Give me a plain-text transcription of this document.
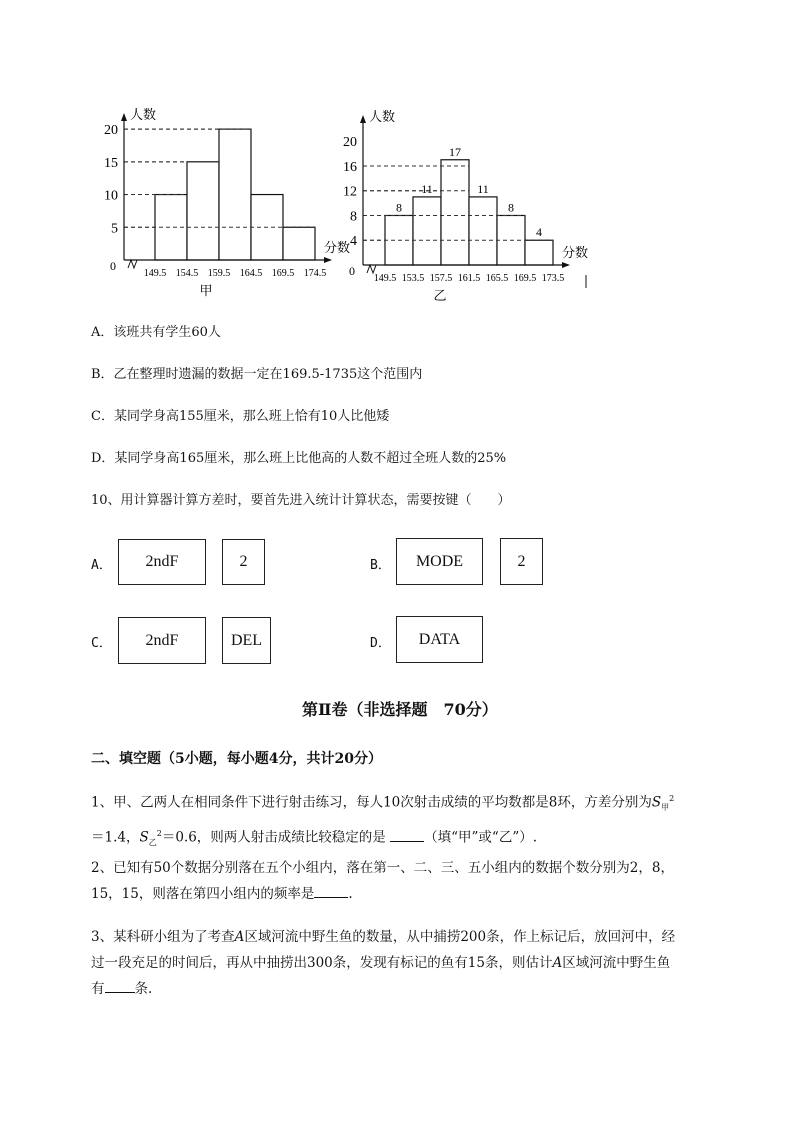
5
10
15
20
0
149.5 154.5 159.5 164.5 169.5 174.5
人数
分数
甲
4
8
12
16
20
0
149.5 153.5 157.5 161.5 165.5 169.5 173.5
8
11
17
11
8
4
人数
分数
乙
A．该班共有学生60人
B．乙在整理时遗漏的数据一定在169.5-1735这个范围内
C．某同学身高155厘米，那么班上恰有10人比他矮
D．某同学身高165厘米，那么班上比他高的人数不超过全班人数的25%
10、用计算器计算方差时，要首先进入统计计算状态，需要按键（　　）
A．	2ndF	2	B．	MODE	2
C．	2ndF	DEL	D．	DATA
第Ⅱ卷（非选择题　70分）
二、填空题（5小题，每小题4分，共计20分）
1、甲、乙两人在相同条件下进行射击练习，每人10次射击成绩的平均数都是8环，方差分别为$S_甲^2$
＝1.4，$S_乙^2=0.6$，则两人射击成绩比较稳定的是	（填“甲”或“乙”）.
2、已知有50个数据分别落在五个小组内，落在第一、二、三、五小组内的数据个数分别为2，8，
15，15，则落在第四小组内的频率是	.
3、某科研小组为了考查A区域河流中野生鱼的数量，从中捕捞200条，作上标记后，放回河中，经
过一段充足的时间后，再从中抽捞出300条，发现有标记的鱼有15条，则估计A区域河流中野生鱼
有 条.
